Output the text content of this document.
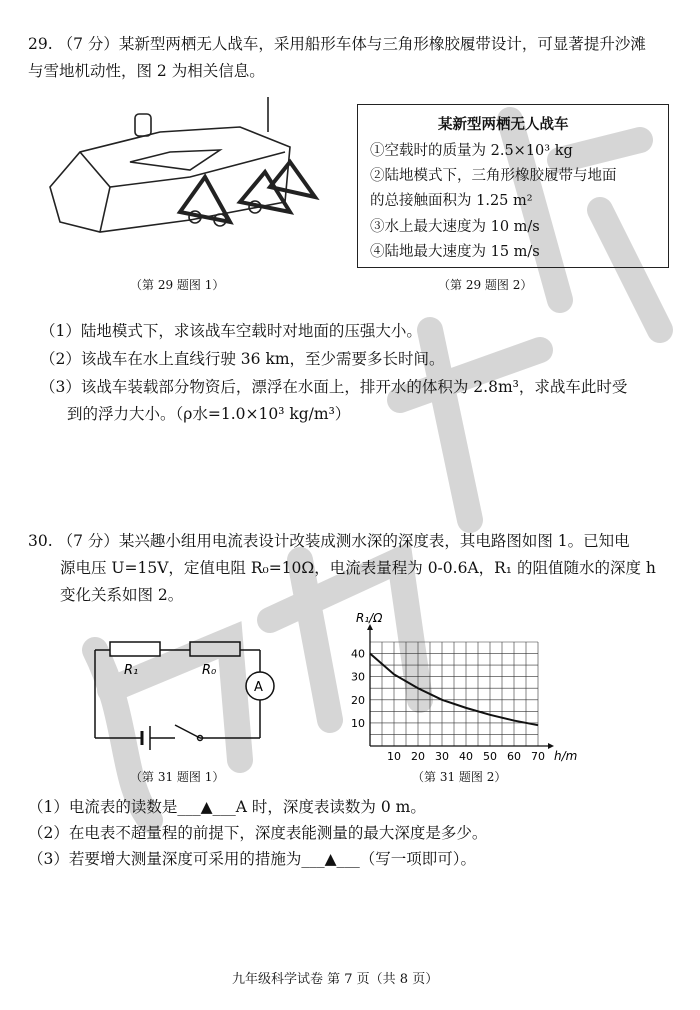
29. （7 分）某新型两栖无人战车，采用船形车体与三角形橡胶履带设计，可显著提升沙滩
与雪地机动性，图 2 为相关信息。
（第 29 题图 1）
某新型两栖无人战车
①空载时的质量为 2.5×10³ kg
②陆地模式下，三角形橡胶履带与地面
的总接触面积为 1.25 m²
③水上最大速度为 10 m/s
④陆地最大速度为 15 m/s
（第 29 题图 2）
（1）陆地模式下，求该战车空载时对地面的压强大小。
（2）该战车在水上直线行驶 36 km，至少需要多长时间。
（3）该战车装载部分物资后，漂浮在水面上，排开水的体积为 2.8m³，求战车此时受
到的浮力大小。（ρ水=1.0×10³ kg/m³）
30. （7 分）某兴趣小组用电流表设计改装成测水深的深度表，其电路图如图 1。已知电
源电压 U=15V，定值电阻 R₀=10Ω，电流表量程为 0-0.6A，R₁ 的阻值随水的深度 h
变化关系如图 2。
R₁	R₀
A
（第 31 题图 1）
10 20 30 40 50 60 70
10
20
30
40
R₁/Ω
h/m
（第 31 题图 2）
（1）电流表的读数是___▲___A 时，深度表读数为 0 m。
（2）在电表不超量程的前提下，深度表能测量的最大深度是多少。
（3）若要增大测量深度可采用的措施为___▲___（写一项即可）。
九年级科学试卷 第 7 页（共 8 页）
